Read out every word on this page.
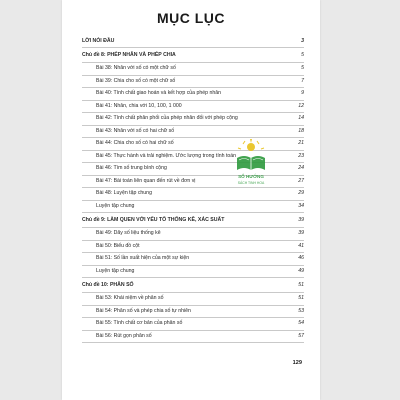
MỤC LỤC
LỜI NÓI ĐẦU	3
Chủ đề 8: PHÉP NHÂN VÀ PHÉP CHIA	5
Bài 38: Nhân với số có một chữ số	5
Bài 39: Chia cho số có một chữ số	7
Bài 40: Tính chất giao hoán và kết hợp của phép nhân	9
Bài 41: Nhân, chia với 10, 100, 1 000	12
Bài 42: Tính chất phân phối của phép nhân đối với phép cộng	14
Bài 43: Nhân với số có hai chữ số	18
Bài 44: Chia cho số có hai chữ số	21
Bài 45: Thực hành và trải nghiệm. Ước lượng trong tính toán	23
Bài 46: Tìm số trung bình cộng	24
Bài 47: Bài toán liên quan đến rút về đơn vị	27
Bài 48: Luyện tập chung	29
Luyện tập chung	34
Chủ đề 9: LÀM QUEN VỚI YẾU TỐ THỐNG KÊ, XÁC SUẤT	39
Bài 49: Dãy số liệu thống kê	39
Bài 50: Biểu đồ cột	41
Bài 51: Số lần xuất hiện của một sự kiện	46
Luyện tập chung	49
Chủ đề 10: PHÂN SỐ	51
Bài 53: Khái niệm về phân số	51
Bài 54: Phân số và phép chia số tự nhiên	53
Bài 55: Tính chất cơ bản của phân số	54
Bài 56: Rút gọn phân số	57
SỔ HƯỚNG
SÁCH TINH HOA
129
